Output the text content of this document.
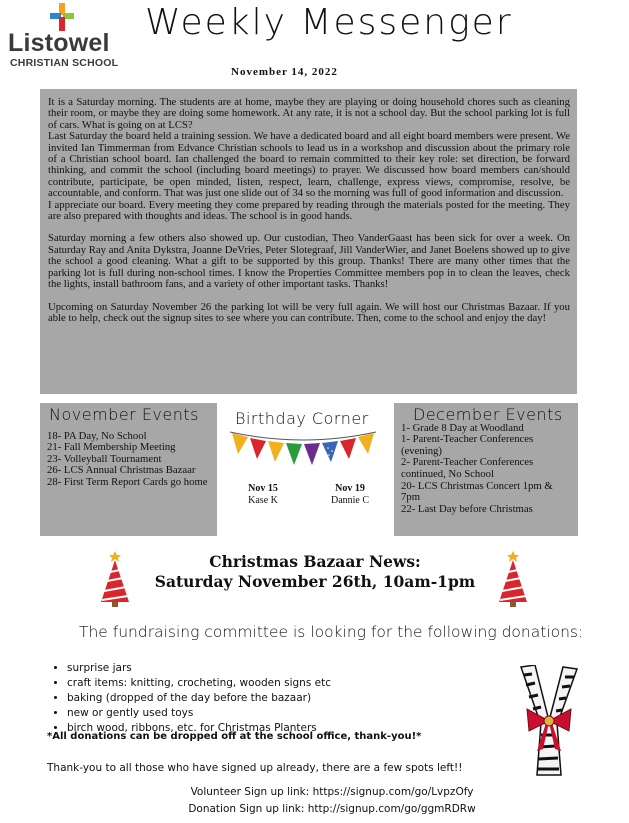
Listowel
CHRISTIAN SCHOOL
Weekly Messenger
November 14, 2022

It is a Saturday morning. The students are at home, maybe they are playing or doing household chores such as cleaning their room, or maybe they are doing some homework. At any rate, it is not a school day. But the school parking lot is full of cars. What is going on at LCS?

Last Saturday the board held a training session. We have a dedicated board and all eight board members were present. We invited Ian Timmerman from Edvance Christian schools to lead us in a workshop and discussion about the primary role of a Christian school board. Ian challenged the board to remain committed to their key role: set direction, be forward thinking, and commit the school (including board meetings) to prayer. We discussed how board members can/should contribute, participate, be open minded, listen, respect, learn, challenge, express views, compromise, resolve, be accountable, and conform. That was just one slide out of 34 so the morning was full of good information and discussion.

I appreciate our board. Every meeting they come prepared by reading through the materials posted for the meeting. They are also prepared with thoughts and ideas. The school is in good hands.

Saturday morning a few others also showed up. Our custodian, Theo VanderGaast has been sick for over a week. On Saturday Ray and Anita Dykstra, Joanne DeVries, Peter Slotegraaf, Jill VanderWier, and Janet Boelens showed up to give the school a good cleaning. What a gift to be supported by this group. Thanks! There are many other times that the parking lot is full during non-school times. I know the Properties Committee members pop in to clean the leaves, check the lights, install bathroom fans, and a variety of other important tasks. Thanks!

Upcoming on Saturday November 26 the parking lot will be very full again. We will host our Christmas Bazaar. If you able to help, check out the signup sites to see where you can contribute. Then, come to the school and enjoy the day!

November Events
18- PA Day, No School
21- Fall Membership Meeting
23- Volleyball Tournament
26- LCS Annual Christmas Bazaar
28- First Term Report Cards go home
Birthday Corner
Nov 15
Kase K
Nov 19
Dannie C
December Events
1- Grade 8 Day at Woodland
1- Parent-Teacher Conferences (evening)
2- Parent-Teacher Conferences continued, No School
20- LCS Christmas Concert 1pm & 7pm
22- Last Day before Christmas
Christmas Bazaar News:
Saturday November 26th, 10am-1pm
The fundraising committee is looking for the following donations:
• surprise jars
• craft items: knitting, crocheting, wooden signs etc
• baking (dropped of the day before the bazaar)
• new or gently used toys
• birch wood, ribbons, etc. for Christmas Planters
*All donations can be dropped off at the school office, thank-you!*
Thank-you to all those who have signed up already, there are a few spots left!!
Volunteer Sign up link: https://signup.com/go/LvpzOfy
Donation Sign up link: http://signup.com/go/ggmRDRw
